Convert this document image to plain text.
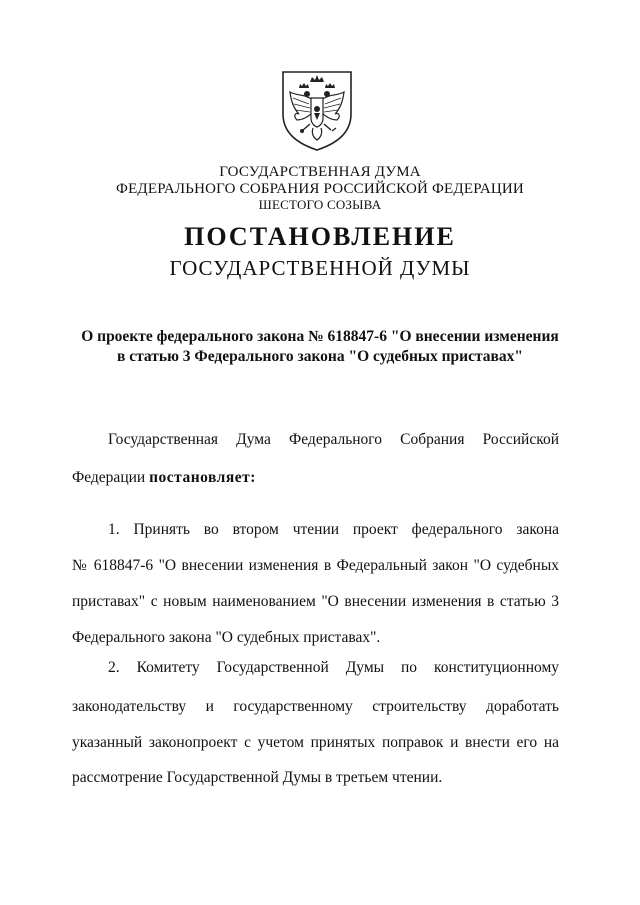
ГОСУДАРСТВЕННАЯ ДУМА
ФЕДЕРАЛЬНОГО СОБРАНИЯ РОССИЙСКОЙ ФЕДЕРАЦИИ
ШЕСТОГО СОЗЫВА
ПОСТАНОВЛЕНИЕ
ГОСУДАРСТВЕННОЙ ДУМЫ
О проекте федерального закона № 618847-6 "О внесении изменения
в статью 3 Федерального закона "О судебных приставах"
Государственная Дума Федерального Собрания Российской
Федерации постановляет:
1. Принять во втором чтении проект федерального закона
№ 618847-6 "О внесении изменения в Федеральный закон "О судебных
приставах" с новым наименованием "О внесении изменения в статью 3
Федерального закона "О судебных приставах".
2. Комитету Государственной Думы по конституционному
законодательству и государственному строительству доработать
указанный законопроект с учетом принятых поправок и внести его на
рассмотрение Государственной Думы в третьем чтении.
